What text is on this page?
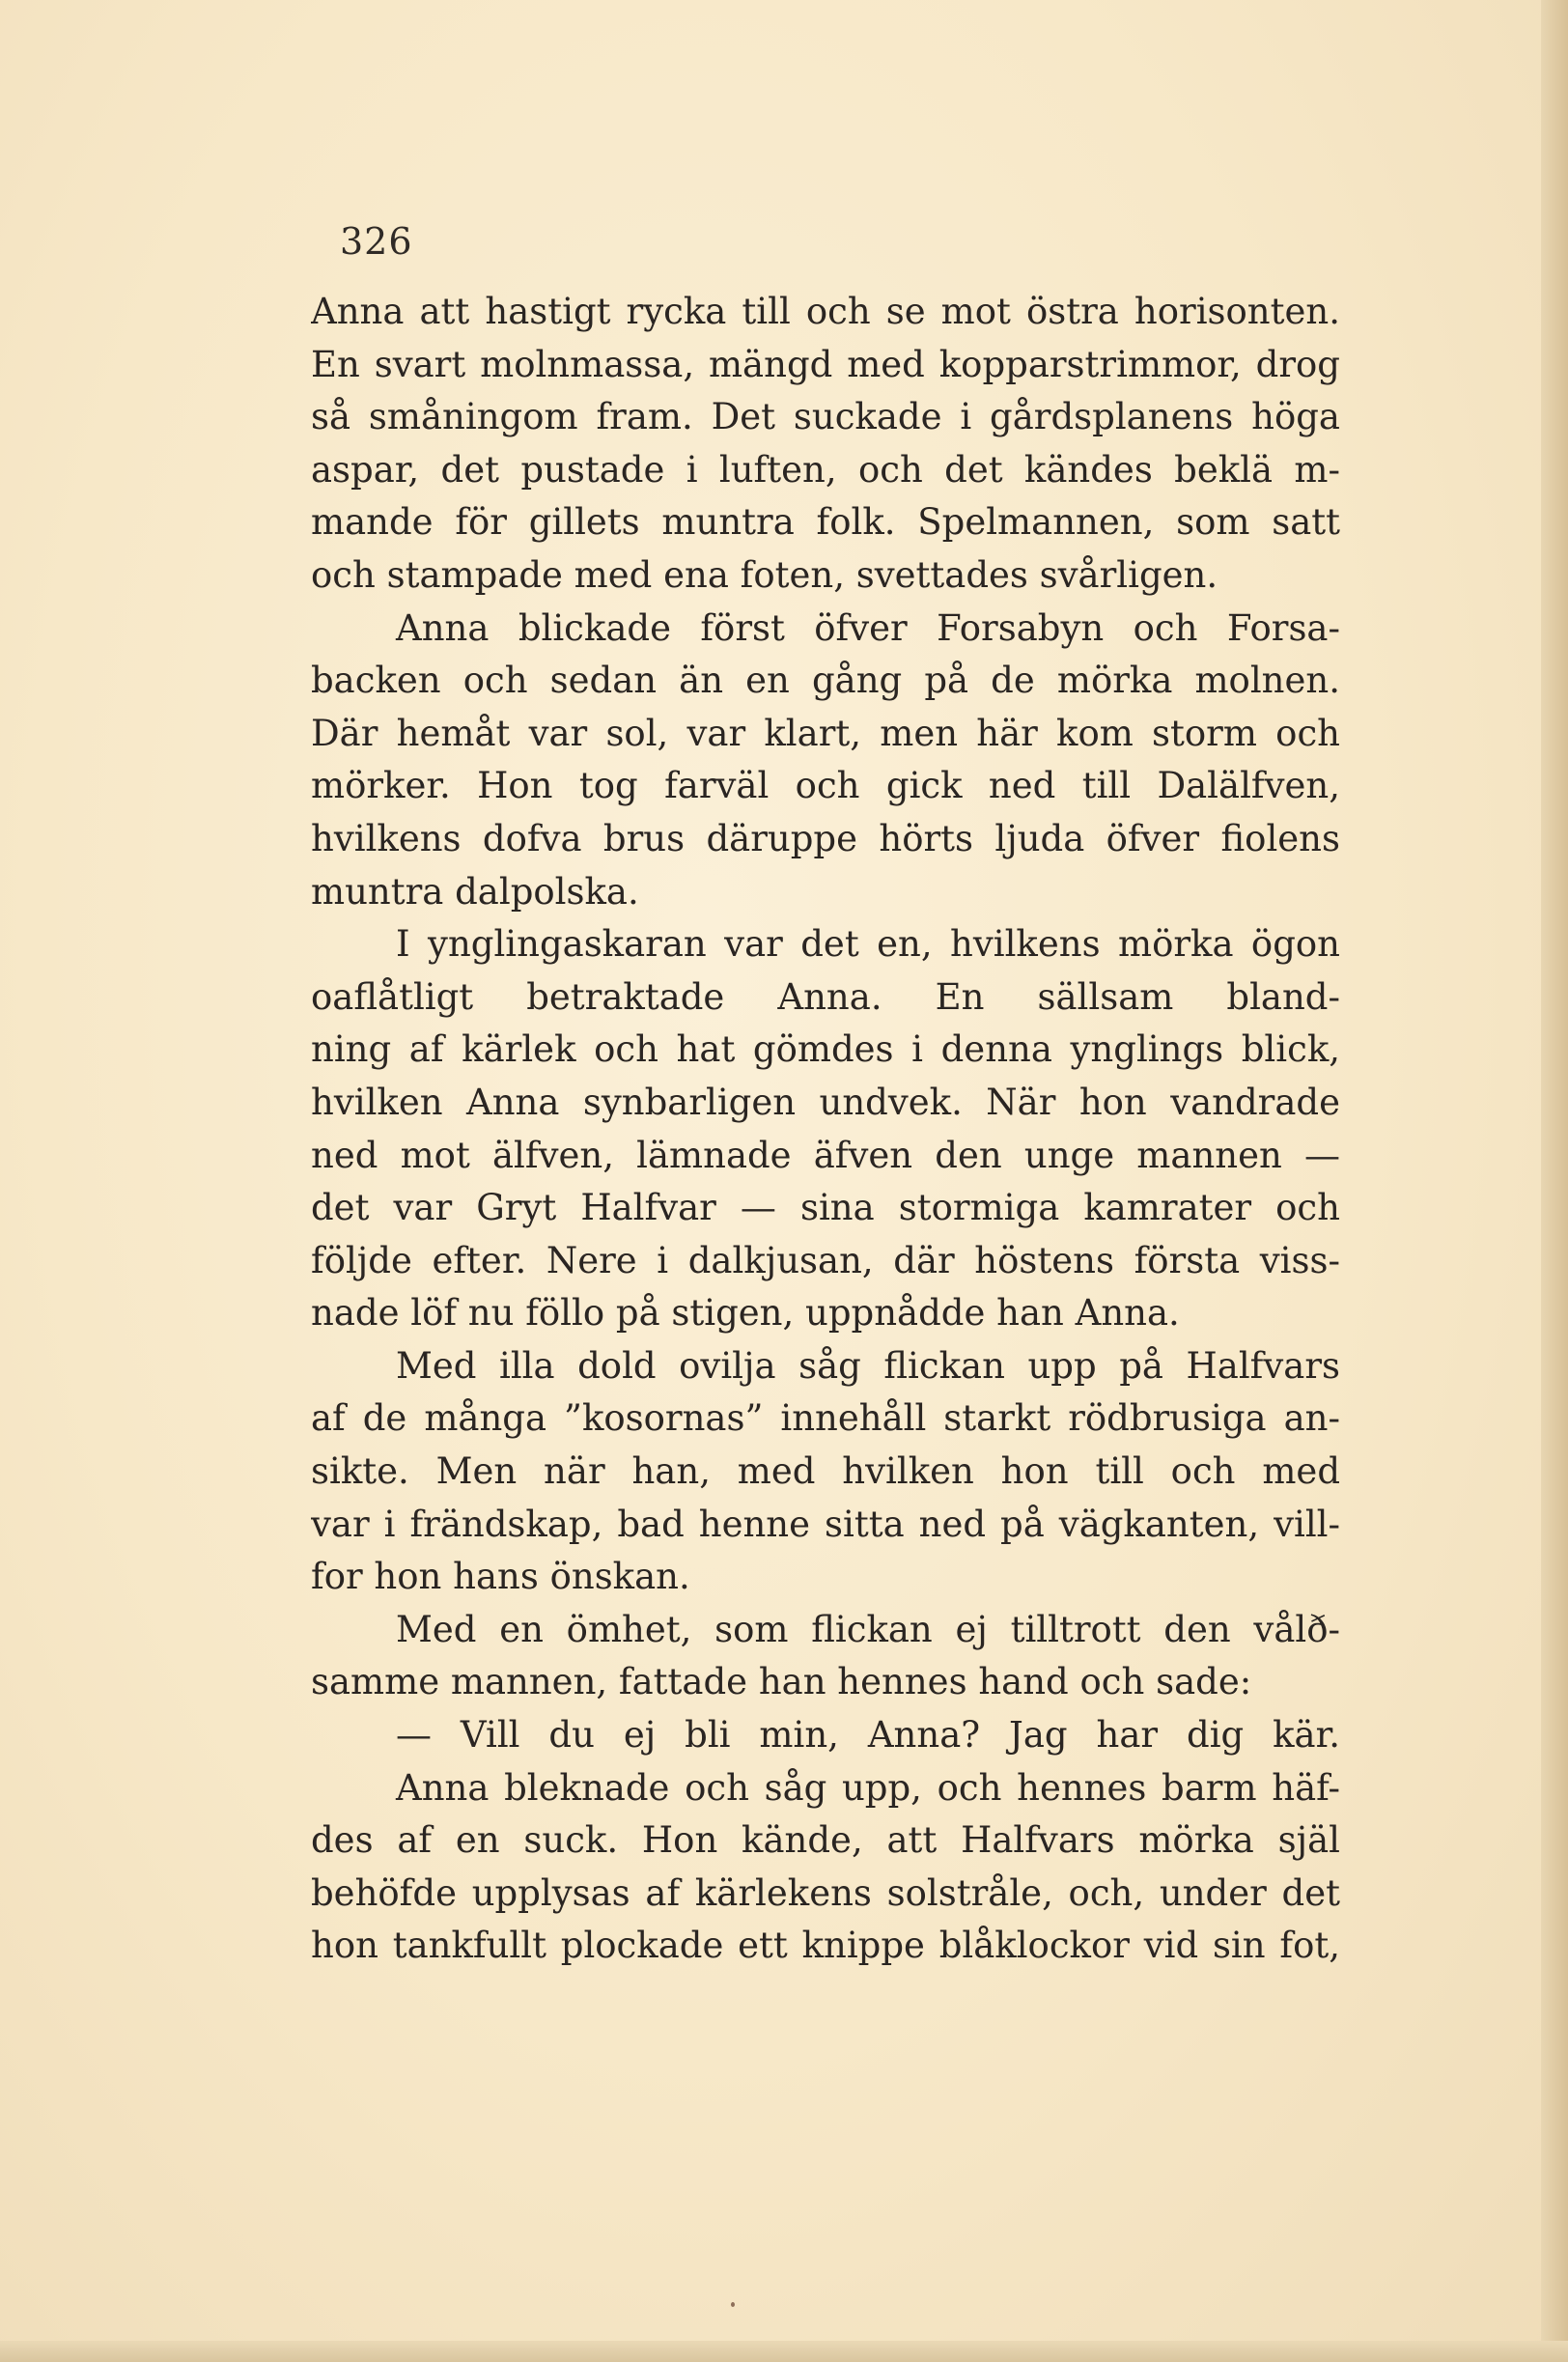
326
Anna att hastigt rycka till och se mot östra horisonten.
En svart molnmassa, mängd med kopparstrimmor, drog
så småningom fram. Det suckade i gårdsplanens höga
aspar, det pustade i luften, och det kändes beklä m-
mande för gillets muntra folk. Spelmannen, som satt
och stampade med ena foten, svettades svårligen.
Anna blickade först öfver Forsabyn och Forsa-
backen och sedan än en gång på de mörka molnen.
Där hemåt var sol, var klart, men här kom storm och
mörker. Hon tog farväl och gick ned till Dalälfven,
hvilkens dofva brus däruppe hörts ljuda öfver fiolens
muntra dalpolska.
I ynglingaskaran var det en, hvilkens mörka ögon
oaflåtligt betraktade Anna. En sällsam bland-
ning af kärlek och hat gömdes i denna ynglings blick,
hvilken Anna synbarligen undvek. När hon vandrade
ned mot älfven, lämnade äfven den unge mannen —
det var Gryt Halfvar — sina stormiga kamrater och
följde efter. Nere i dalkjusan, där höstens första viss-
nade löf nu föllo på stigen, uppnådde han Anna.
Med illa dold ovilja såg flickan upp på Halfvars
af de många ”kosornas” innehåll starkt rödbrusiga an-
sikte. Men när han, med hvilken hon till och med
var i frändskap, bad henne sitta ned på vägkanten, vill-
for hon hans önskan.
Med en ömhet, som flickan ej tilltrott den vålð-
samme mannen, fattade han hennes hand och sade:
— Vill du ej bli min, Anna? Jag har dig kär.
Anna bleknade och såg upp, och hennes barm häf-
des af en suck. Hon kände, att Halfvars mörka själ
behöfde upplysas af kärlekens solstråle, och, under det
hon tankfullt plockade ett knippe blåklockor vid sin fot,
